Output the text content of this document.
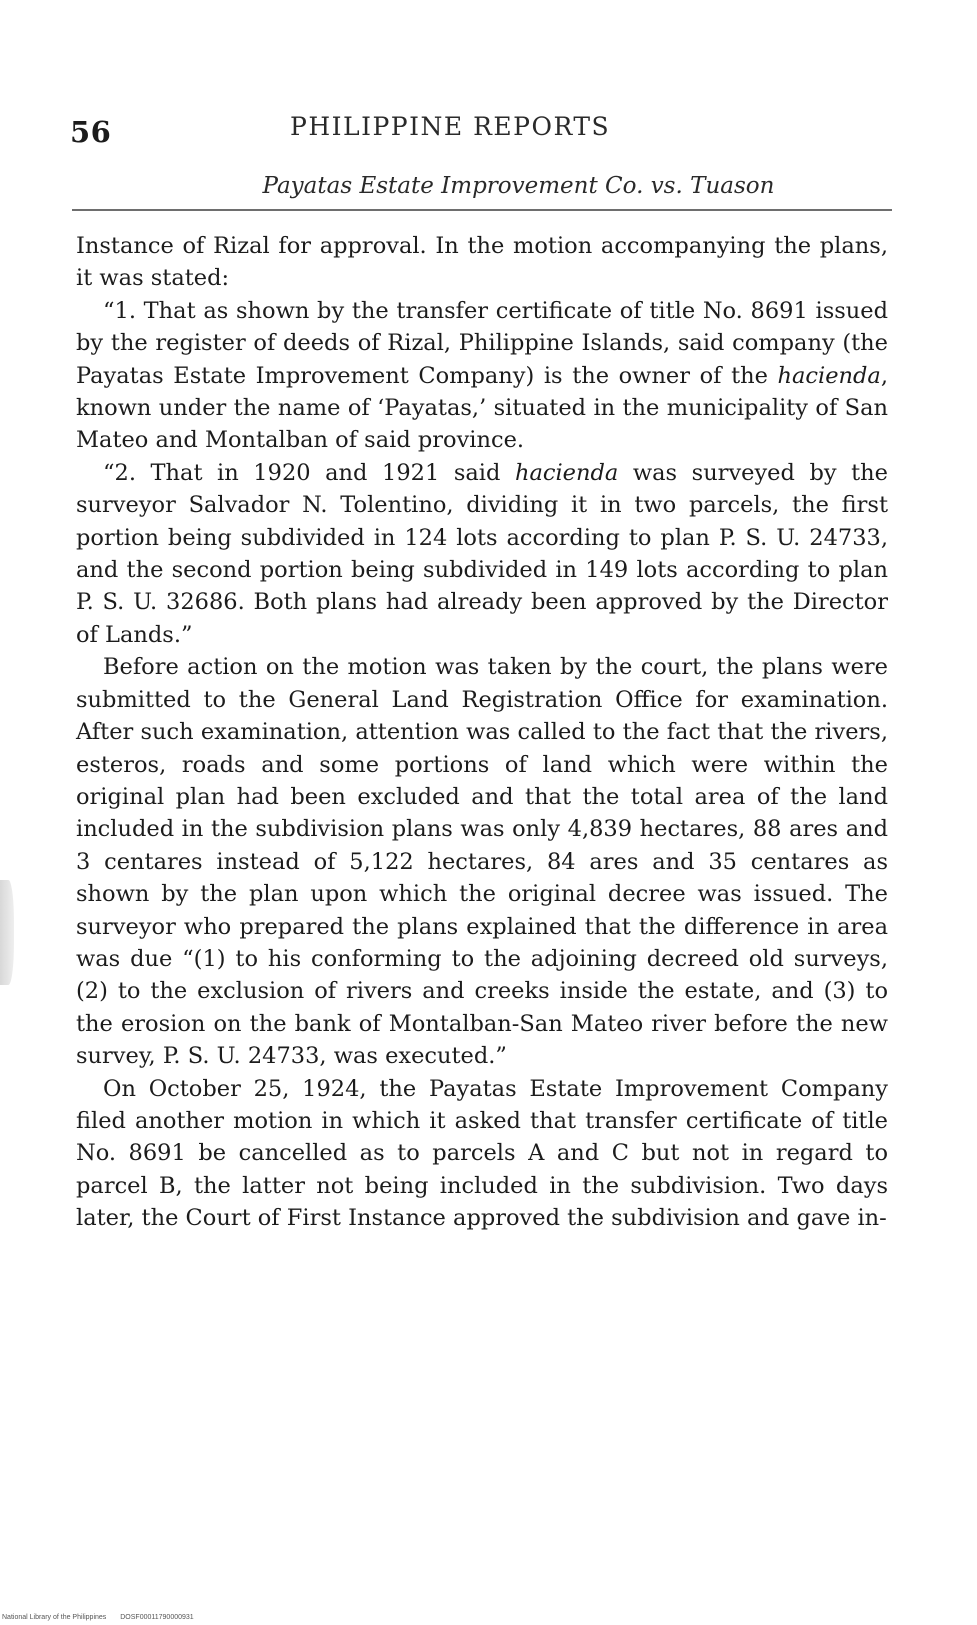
56	PHILIPPINE REPORTS
Payatas Estate Improvement Co. vs. Tuason

Instance of Rizal for approval. In the motion accompanying the plans, it was stated:

“1. That as shown by the transfer certificate of title No. 8691 issued by the register of deeds of Rizal, Philippine Islands, said company (the Payatas Estate Improvement Company) is the owner of the hacienda, known under the name of ‘Payatas,’ situated in the municipality of San Mateo and Montalban of said province.

“2. That in 1920 and 1921 said hacienda was surveyed by the surveyor Salvador N. Tolentino, dividing it in two parcels, the first portion being subdivided in 124 lots according to plan P. S. U. 24733, and the second portion being subdivided in 149 lots according to plan P. S. U. 32686. Both plans had already been approved by the Director of Lands.”

Before action on the motion was taken by the court, the plans were submitted to the General Land Registration Office for examination. After such examination, attention was called to the fact that the rivers, esteros, roads and some portions of land which were within the original plan had been excluded and that the total area of the land included in the subdivision plans was only 4,839 hectares, 88 ares and 3 centares instead of 5,122 hectares, 84 ares and 35 centares as shown by the plan upon which the original decree was issued. The surveyor who prepared the plans explained that the difference in area was due “(1) to his conforming to the adjoining decreed old surveys, (2) to the exclusion of rivers and creeks inside the estate, and (3) to the erosion on the bank of Montalban-San Mateo river before the new survey, P. S. U. 24733, was executed.”

On October 25, 1924, the Payatas Estate Improvement Company filed another motion in which it asked that transfer certificate of title No. 8691 be cancelled as to parcels A and C but not in regard to parcel B, the latter not being included in the subdivision. Two days later, the Court of First Instance approved the subdivision and gave in-

National Library of the Philippines DOSF00011790000931
